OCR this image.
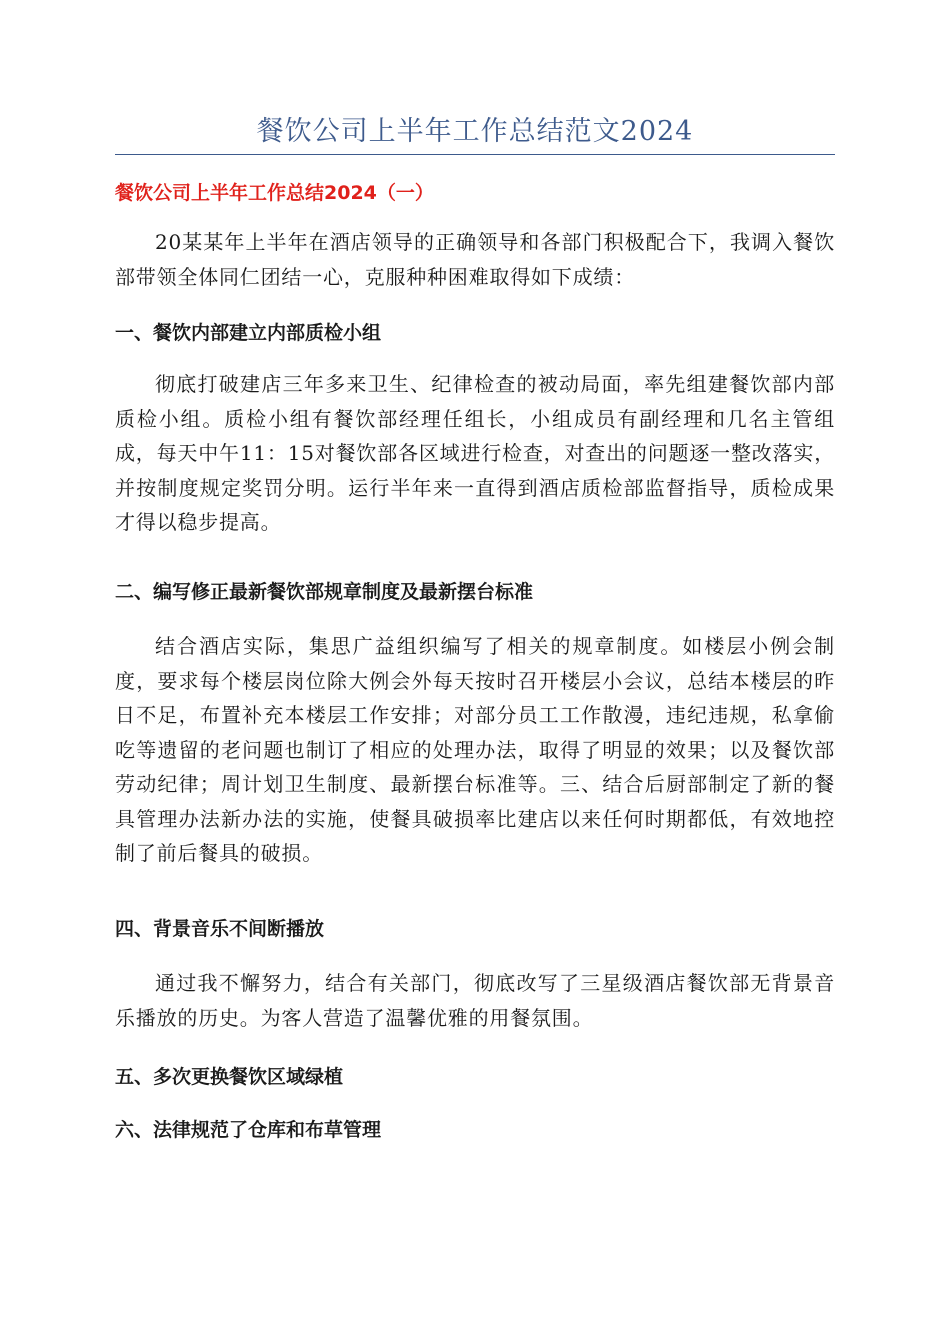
餐饮公司上半年工作总结范文2024
餐饮公司上半年工作总结2024（一）

20某某年上半年在酒店领导的正确领导和各部门积极配合下，我调入餐饮部带领全体同仁团结一心，克服种种困难取得如下成绩：

一、餐饮内部建立内部质检小组

彻底打破建店三年多来卫生、纪律检查的被动局面，率先组建餐饮部内部质检小组。质检小组有餐饮部经理任组长，小组成员有副经理和几名主管组成，每天中午11：15对餐饮部各区域进行检查，对查出的问题逐一整改落实，并按制度规定奖罚分明。运行半年来一直得到酒店质检部监督指导，质检成果才得以稳步提高。

二、编写修正最新餐饮部规章制度及最新摆台标准

结合酒店实际，集思广益组织编写了相关的规章制度。如楼层小例会制度，要求每个楼层岗位除大例会外每天按时召开楼层小会议，总结本楼层的昨日不足，布置补充本楼层工作安排；对部分员工工作散漫，违纪违规，私拿偷吃等遗留的老问题也制订了相应的处理办法，取得了明显的效果；以及餐饮部劳动纪律；周计划卫生制度、最新摆台标准等。三、结合后厨部制定了新的餐具管理办法新办法的实施，使餐具破损率比建店以来任何时期都低，有效地控制了前后餐具的破损。

四、背景音乐不间断播放

通过我不懈努力，结合有关部门，彻底改写了三星级酒店餐饮部无背景音乐播放的历史。为客人营造了温馨优雅的用餐氛围。

五、多次更换餐饮区域绿植
六、法律规范了仓库和布草管理
